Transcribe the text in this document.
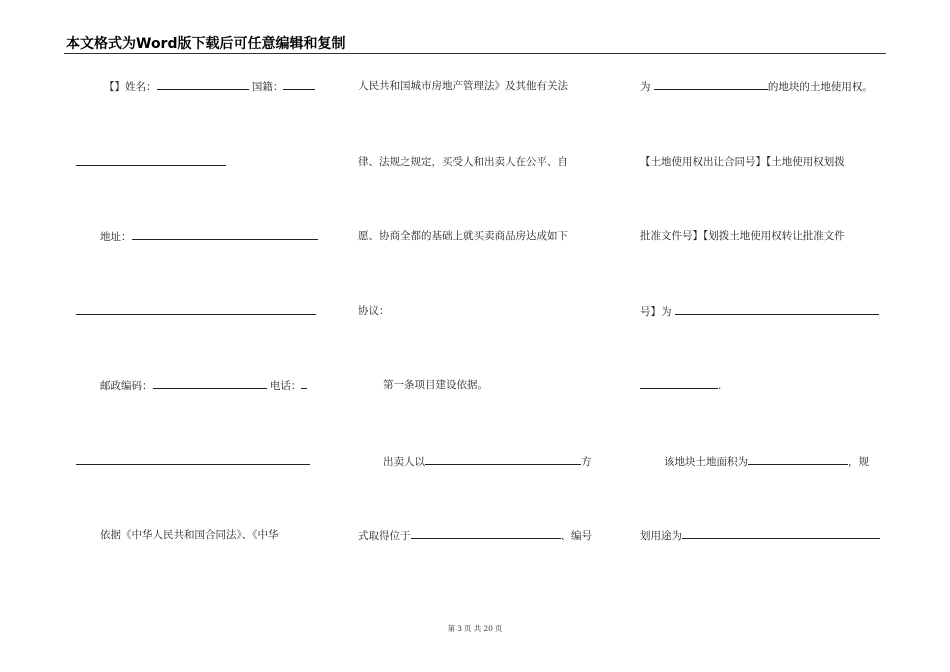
本文格式为Word版下载后可任意编辑和复制
【】姓名：	国籍：
地址：
邮政编码：	电话：
依据《中华人民共和国合同法》、《中华
人民共和国城市房地产管理法》及其他有关法
律、法规之规定，买受人和出卖人在公平、自
愿、协商全都的基础上就买卖商品房达成如下
协议：
第一条项目建设依据。
出卖人以	方
式取得位于	、编号
为	的地块的土地使用权。
【土地使用权出让合同号】【土地使用权划拨
批准文件号】【划拨土地使用权转让批准文件
号】为
.
该地块土地面积为	，规
划用途为
第 3 页 共 20 页
